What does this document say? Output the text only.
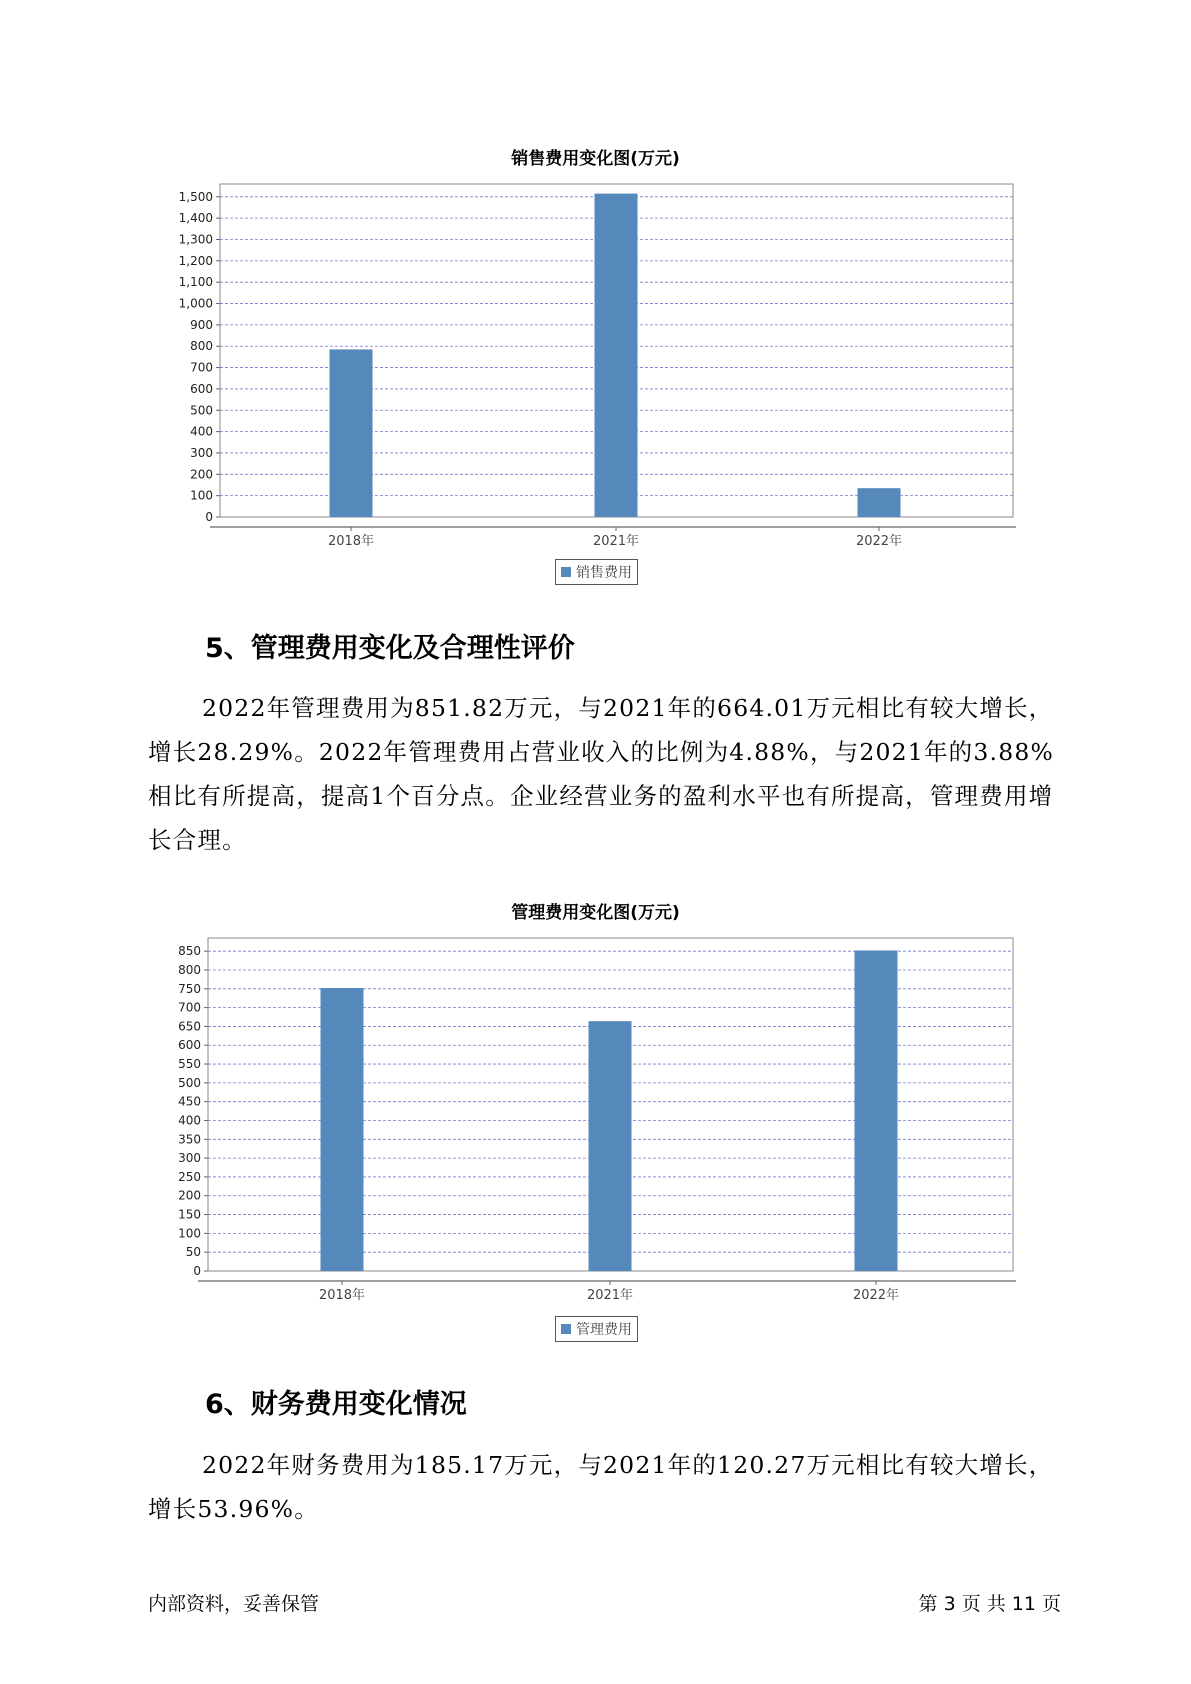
销售费用变化图(万元)
0
100
200
300
400
500
600
700
800
900
1,000
1,100
1,200
1,300
1,400
1,500
2018年	2021年	2022年
销售费用
5、管理费用变化及合理性评价

2022年管理费用为851.82万元，与2021年的664.01万元相比有较大增长，增长28.29%。2022年管理费用占营业收入的比例为4.88%，与2021年的3.88%相比有所提高，提高1个百分点。企业经营业务的盈利水平也有所提高，管理费用增长合理。

管理费用变化图(万元)
0
50
100
150
200
250
300
350
400
450
500
550
600
650
700
750
800
850
2018年	2021年	2022年
管理费用
6、财务费用变化情况

2022年财务费用为185.17万元，与2021年的120.27万元相比有较大增长，增长53.96%。

内部资料，妥善保管	第 3 页 共 11 页
